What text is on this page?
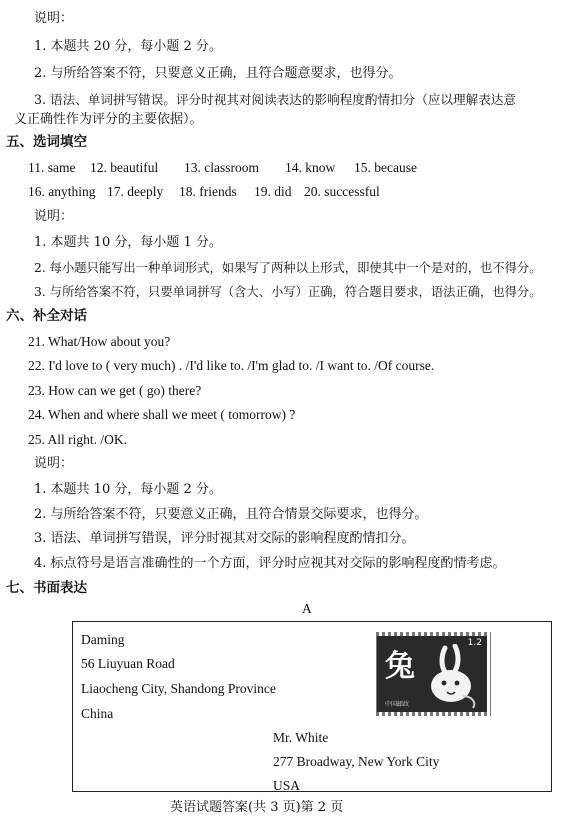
说明：
1. 本题共 20 分，每小题 2 分。
2. 与所给答案不符，只要意义正确，且符合题意要求，也得分。
3. 语法、单词拼写错误。评分时视其对阅读表达的影响程度酌情扣分（应以理解表达意
义正确性作为评分的主要依据）。
五、选词填空
11. same 12. beautiful 13. classroom 14. know 15. because
16. anything 17. deeply 18. friends 19. did 20. successful
说明：
1. 本题共 10 分，每小题 1 分。
2. 每小题只能写出一种单词形式，如果写了两种以上形式，即使其中一个是对的，也不得分。
3. 与所给答案不符，只要单词拼写（含大、小写）正确，符合题目要求，语法正确，也得分。
六、补全对话
21. What/How about you?
22. I'd love to ( very much) . /I'd like to. /I'm glad to. /I want to. /Of course.
23. How can we get ( go) there?
24. When and where shall we meet ( tomorrow) ?
25. All right. /OK.
说明：
1. 本题共 10 分，每小题 2 分。
2. 与所给答案不符，只要意义正确，且符合情景交际要求，也得分。
3. 语法、单词拼写错误，评分时视其对交际的影响程度酌情扣分。
4. 标点符号是语言准确性的一个方面，评分时应视其对交际的影响程度酌情考虑。
七、书面表达
A
Daming
56 Liuyuan Road
Liaocheng City, Shandong Province
China
兔
1.2
中国邮政
Mr. White
277 Broadway, New York City
USA
英语试题答案(共 3 页)第 2 页
